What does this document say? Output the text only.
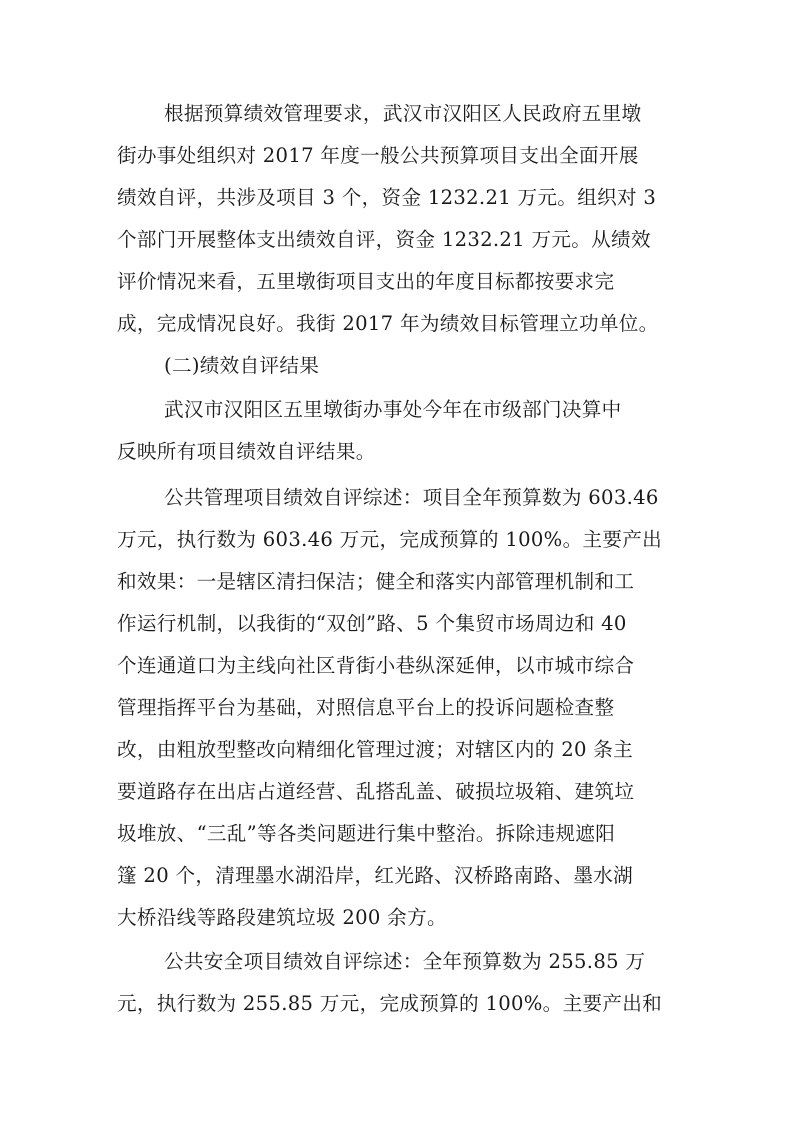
根据预算绩效管理要求，武汉市汉阳区人民政府五里墩
街办事处组织对 2017 年度一般公共预算项目支出全面开展
绩效自评，共涉及项目 3 个，资金 1232.21 万元。组织对 3
个部门开展整体支出绩效自评，资金 1232.21 万元。从绩效
评价情况来看，五里墩街项目支出的年度目标都按要求完
成，完成情况良好。我街 2017 年为绩效目标管理立功单位。
(二)绩效自评结果
武汉市汉阳区五里墩街办事处今年在市级部门决算中
反映所有项目绩效自评结果。
公共管理项目绩效自评综述：项目全年预算数为 603.46
万元，执行数为 603.46 万元，完成预算的 100%。主要产出
和效果：一是辖区清扫保洁；健全和落实内部管理机制和工
作运行机制，以我街的“双创”路、5 个集贸市场周边和 40
个连通道口为主线向社区背街小巷纵深延伸，以市城市综合
管理指挥平台为基础，对照信息平台上的投诉问题检查整
改，由粗放型整改向精细化管理过渡；对辖区内的 20 条主
要道路存在出店占道经营、乱搭乱盖、破损垃圾箱、建筑垃
圾堆放、“三乱”等各类问题进行集中整治。拆除违规遮阳
篷 20 个，清理墨水湖沿岸，红光路、汉桥路南路、墨水湖
大桥沿线等路段建筑垃圾 200 余方。
公共安全项目绩效自评综述：全年预算数为 255.85 万
元，执行数为 255.85 万元，完成预算的 100%。主要产出和
